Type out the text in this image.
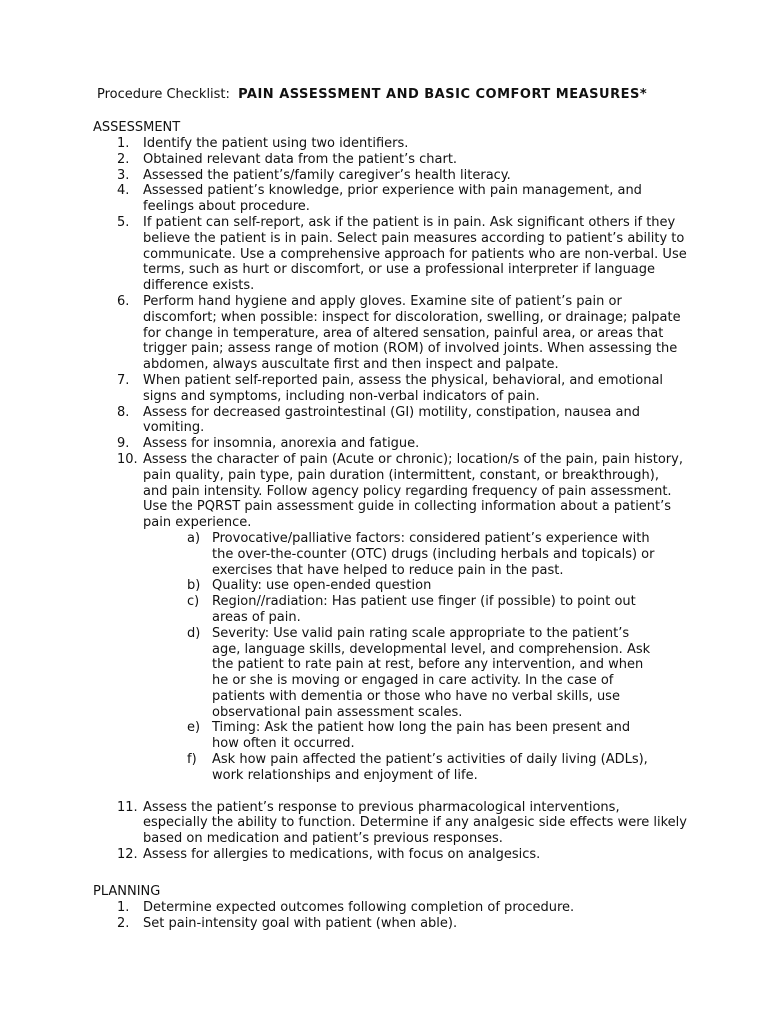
Procedure Checklist: PAIN ASSESSMENT AND BASIC COMFORT MEASURES*
ASSESSMENT
1.	Identify the patient using two identifiers.
2.	Obtained relevant data from the patient’s chart.
3.	Assessed the patient’s/family caregiver’s health literacy.
4.	Assessed patient’s knowledge, prior experience with pain management, and feelings about procedure.
5.	If patient can self-report, ask if the patient is in pain. Ask significant others if they believe the patient is in pain. Select pain measures according to patient’s ability to communicate. Use a comprehensive approach for patients who are non-verbal. Use terms, such as hurt or discomfort, or use a professional interpreter if language difference exists.
6.	Perform hand hygiene and apply gloves. Examine site of patient’s pain or discomfort; when possible: inspect for discoloration, swelling, or drainage; palpate for change in temperature, area of altered sensation, painful area, or areas that trigger pain; assess range of motion (ROM) of involved joints. When assessing the abdomen, always auscultate first and then inspect and palpate.
7.	When patient self-reported pain, assess the physical, behavioral, and emotional signs and symptoms, including non-verbal indicators of pain.
8.	Assess for decreased gastrointestinal (GI) motility, constipation, nausea and vomiting.
9.	Assess for insomnia, anorexia and fatigue.
10. Assess the character of pain (Acute or chronic); location/s of the pain, pain history, pain quality, pain type, pain duration (intermittent, constant, or breakthrough), and pain intensity. Follow agency policy regarding frequency of pain assessment. Use the PQRST pain assessment guide in collecting information about a patient’s pain experience.
a) Provocative/palliative factors: considered patient’s experience with the over-the-counter (OTC) drugs (including herbals and topicals) or exercises that have helped to reduce pain in the past.
b) Quality: use open-ended question
c) Region//radiation: Has patient use finger (if possible) to point out areas of pain.
d) Severity: Use valid pain rating scale appropriate to the patient’s age, language skills, developmental level, and comprehension. Ask the patient to rate pain at rest, before any intervention, and when he or she is moving or engaged in care activity. In the case of patients with dementia or those who have no verbal skills, use observational pain assessment scales.
e) Timing: Ask the patient how long the pain has been present and how often it occurred.
f) Ask how pain affected the patient’s activities of daily living (ADLs), work relationships and enjoyment of life.
11. Assess the patient’s response to previous pharmacological interventions, especially the ability to function. Determine if any analgesic side effects were likely based on medication and patient’s previous responses.
12. Assess for allergies to medications, with focus on analgesics.
PLANNING
1.	Determine expected outcomes following completion of procedure.
2.	Set pain-intensity goal with patient (when able).
